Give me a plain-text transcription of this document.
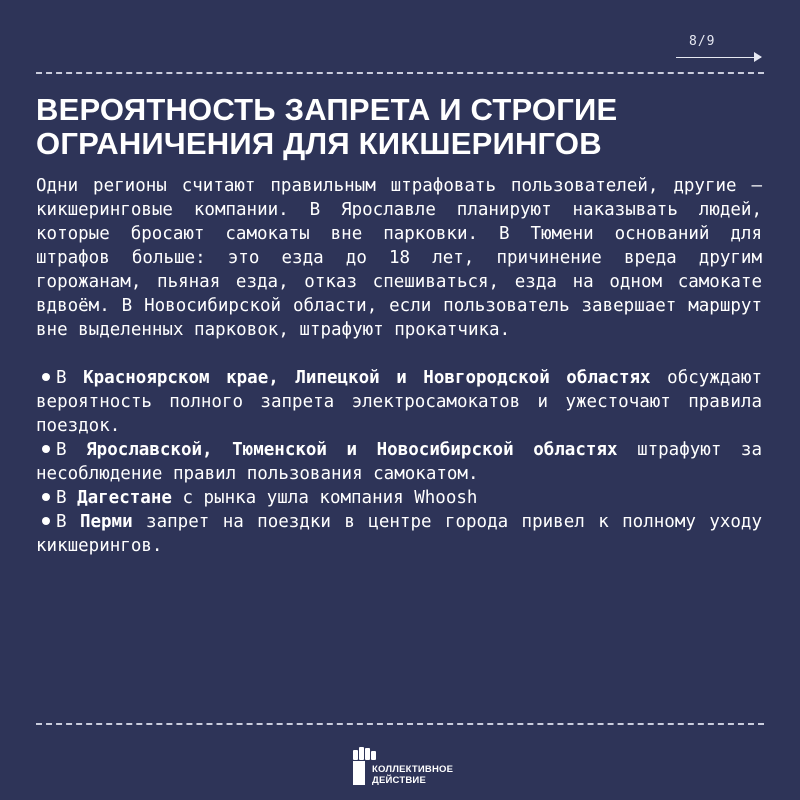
8/9
ВЕРОЯТНОСТЬ ЗАПРЕТА И СТРОГИЕ
ОГРАНИЧЕНИЯ ДЛЯ КИКШЕРИНГОВ

Одни регионы считают правильным штрафовать пользователей, другие — кикшеринговые компании. В Ярославле планируют наказывать людей, которые бросают самокаты вне парковки. В Тюмени оснований для штрафов больше: это езда до 18 лет, причинение вреда другим горожанам, пьяная езда, отказ спешиваться, езда на одном самокате вдвоём. В Новосибирской области, если пользователь завершает маршрут вне выделенных парковок, штрафуют прокатчика.

В Красноярском крае, Липецкой и Новгородской областях обсуждают вероятность полного запрета электросамокатов и ужесточают правила поездок.
В Ярославской, Тюменской и Новосибирской областях штрафуют за несоблюдение правил пользования самокатом.
В Дагестане с рынка ушла компания Whoosh
В Перми запрет на поездки в центре города привел к полному уходу кикшерингов.
КОЛЛЕКТИВНОЕ
ДЕЙСТВИЕ
